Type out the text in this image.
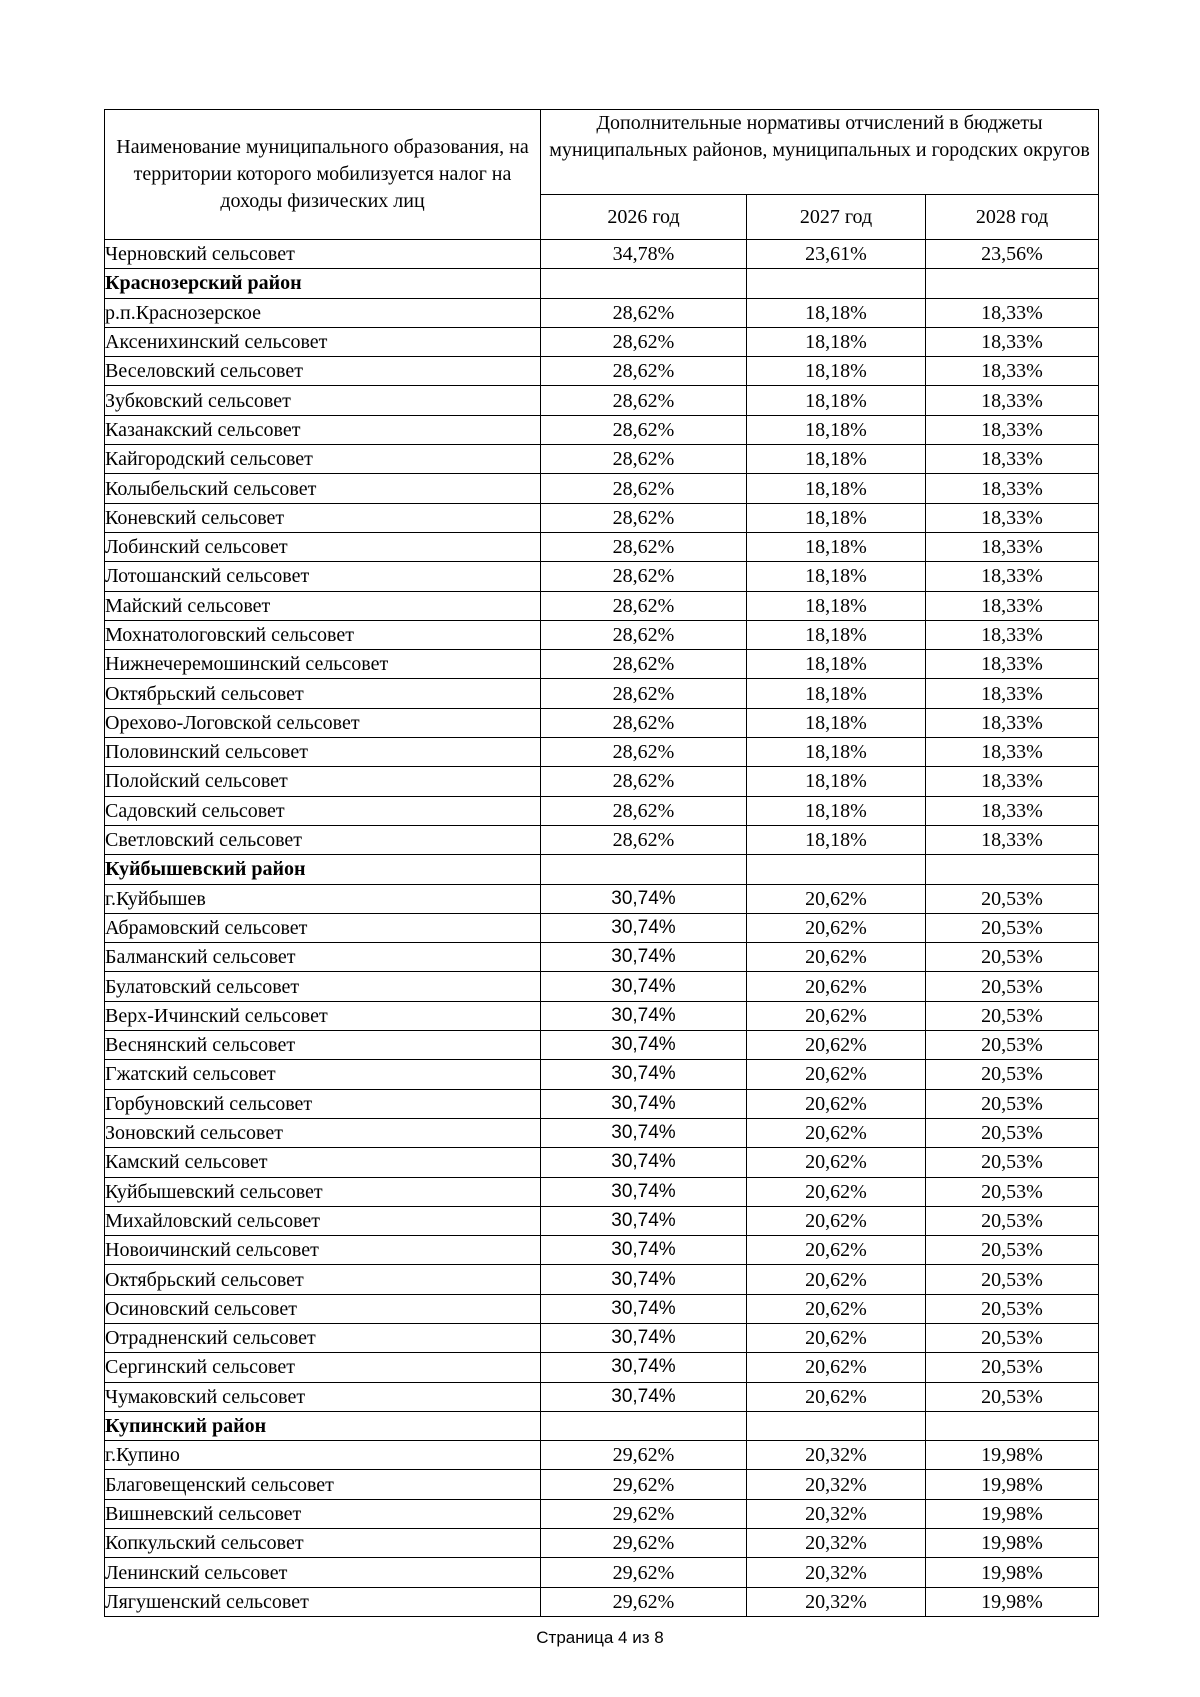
Наименование муниципального образования, на территории которого мобилизуется налог на доходы физических лиц	Дополнительные нормативы отчислений в бюджеты муниципальных районов, муниципальных и городских округов		
	2026 год	2027 год	2028 год
Черновский сельсовет	34,78%	23,61%	23,56%
Краснозерский район			
р.п.Краснозерское	28,62%	18,18%	18,33%
Аксенихинский сельсовет	28,62%	18,18%	18,33%
Веселовский сельсовет	28,62%	18,18%	18,33%
Зубковский сельсовет	28,62%	18,18%	18,33%
Казанакский сельсовет	28,62%	18,18%	18,33%
Кайгородский сельсовет	28,62%	18,18%	18,33%
Колыбельский сельсовет	28,62%	18,18%	18,33%
Коневский сельсовет	28,62%	18,18%	18,33%
Лобинский сельсовет	28,62%	18,18%	18,33%
Лотошанский сельсовет	28,62%	18,18%	18,33%
Майский сельсовет	28,62%	18,18%	18,33%
Мохнатологовский сельсовет	28,62%	18,18%	18,33%
Нижнечеремошинский сельсовет	28,62%	18,18%	18,33%
Октябрьский сельсовет	28,62%	18,18%	18,33%
Орехово-Логовской сельсовет	28,62%	18,18%	18,33%
Половинский сельсовет	28,62%	18,18%	18,33%
Полойский сельсовет	28,62%	18,18%	18,33%
Садовский сельсовет	28,62%	18,18%	18,33%
Светловский сельсовет	28,62%	18,18%	18,33%
Куйбышевский район			
г.Куйбышев	30,74%	20,62%	20,53%
Абрамовский сельсовет	30,74%	20,62%	20,53%
Балманский сельсовет	30,74%	20,62%	20,53%
Булатовский сельсовет	30,74%	20,62%	20,53%
Верх-Ичинский сельсовет	30,74%	20,62%	20,53%
Веснянский сельсовет	30,74%	20,62%	20,53%
Гжатский сельсовет	30,74%	20,62%	20,53%
Горбуновский сельсовет	30,74%	20,62%	20,53%
Зоновский сельсовет	30,74%	20,62%	20,53%
Камский сельсовет	30,74%	20,62%	20,53%
Куйбышевский сельсовет	30,74%	20,62%	20,53%
Михайловский сельсовет	30,74%	20,62%	20,53%
Новоичинский сельсовет	30,74%	20,62%	20,53%
Октябрьский сельсовет	30,74%	20,62%	20,53%
Осиновский сельсовет	30,74%	20,62%	20,53%
Отрадненский сельсовет	30,74%	20,62%	20,53%
Сергинский сельсовет	30,74%	20,62%	20,53%
Чумаковский сельсовет	30,74%	20,62%	20,53%
Купинский район			
г.Купино	29,62%	20,32%	19,98%
Благовещенский сельсовет	29,62%	20,32%	19,98%
Вишневский сельсовет	29,62%	20,32%	19,98%
Копкульский сельсовет	29,62%	20,32%	19,98%
Ленинский сельсовет	29,62%	20,32%	19,98%
Лягушенский сельсовет	29,62%	20,32%	19,98%
Страница 4 из 8
